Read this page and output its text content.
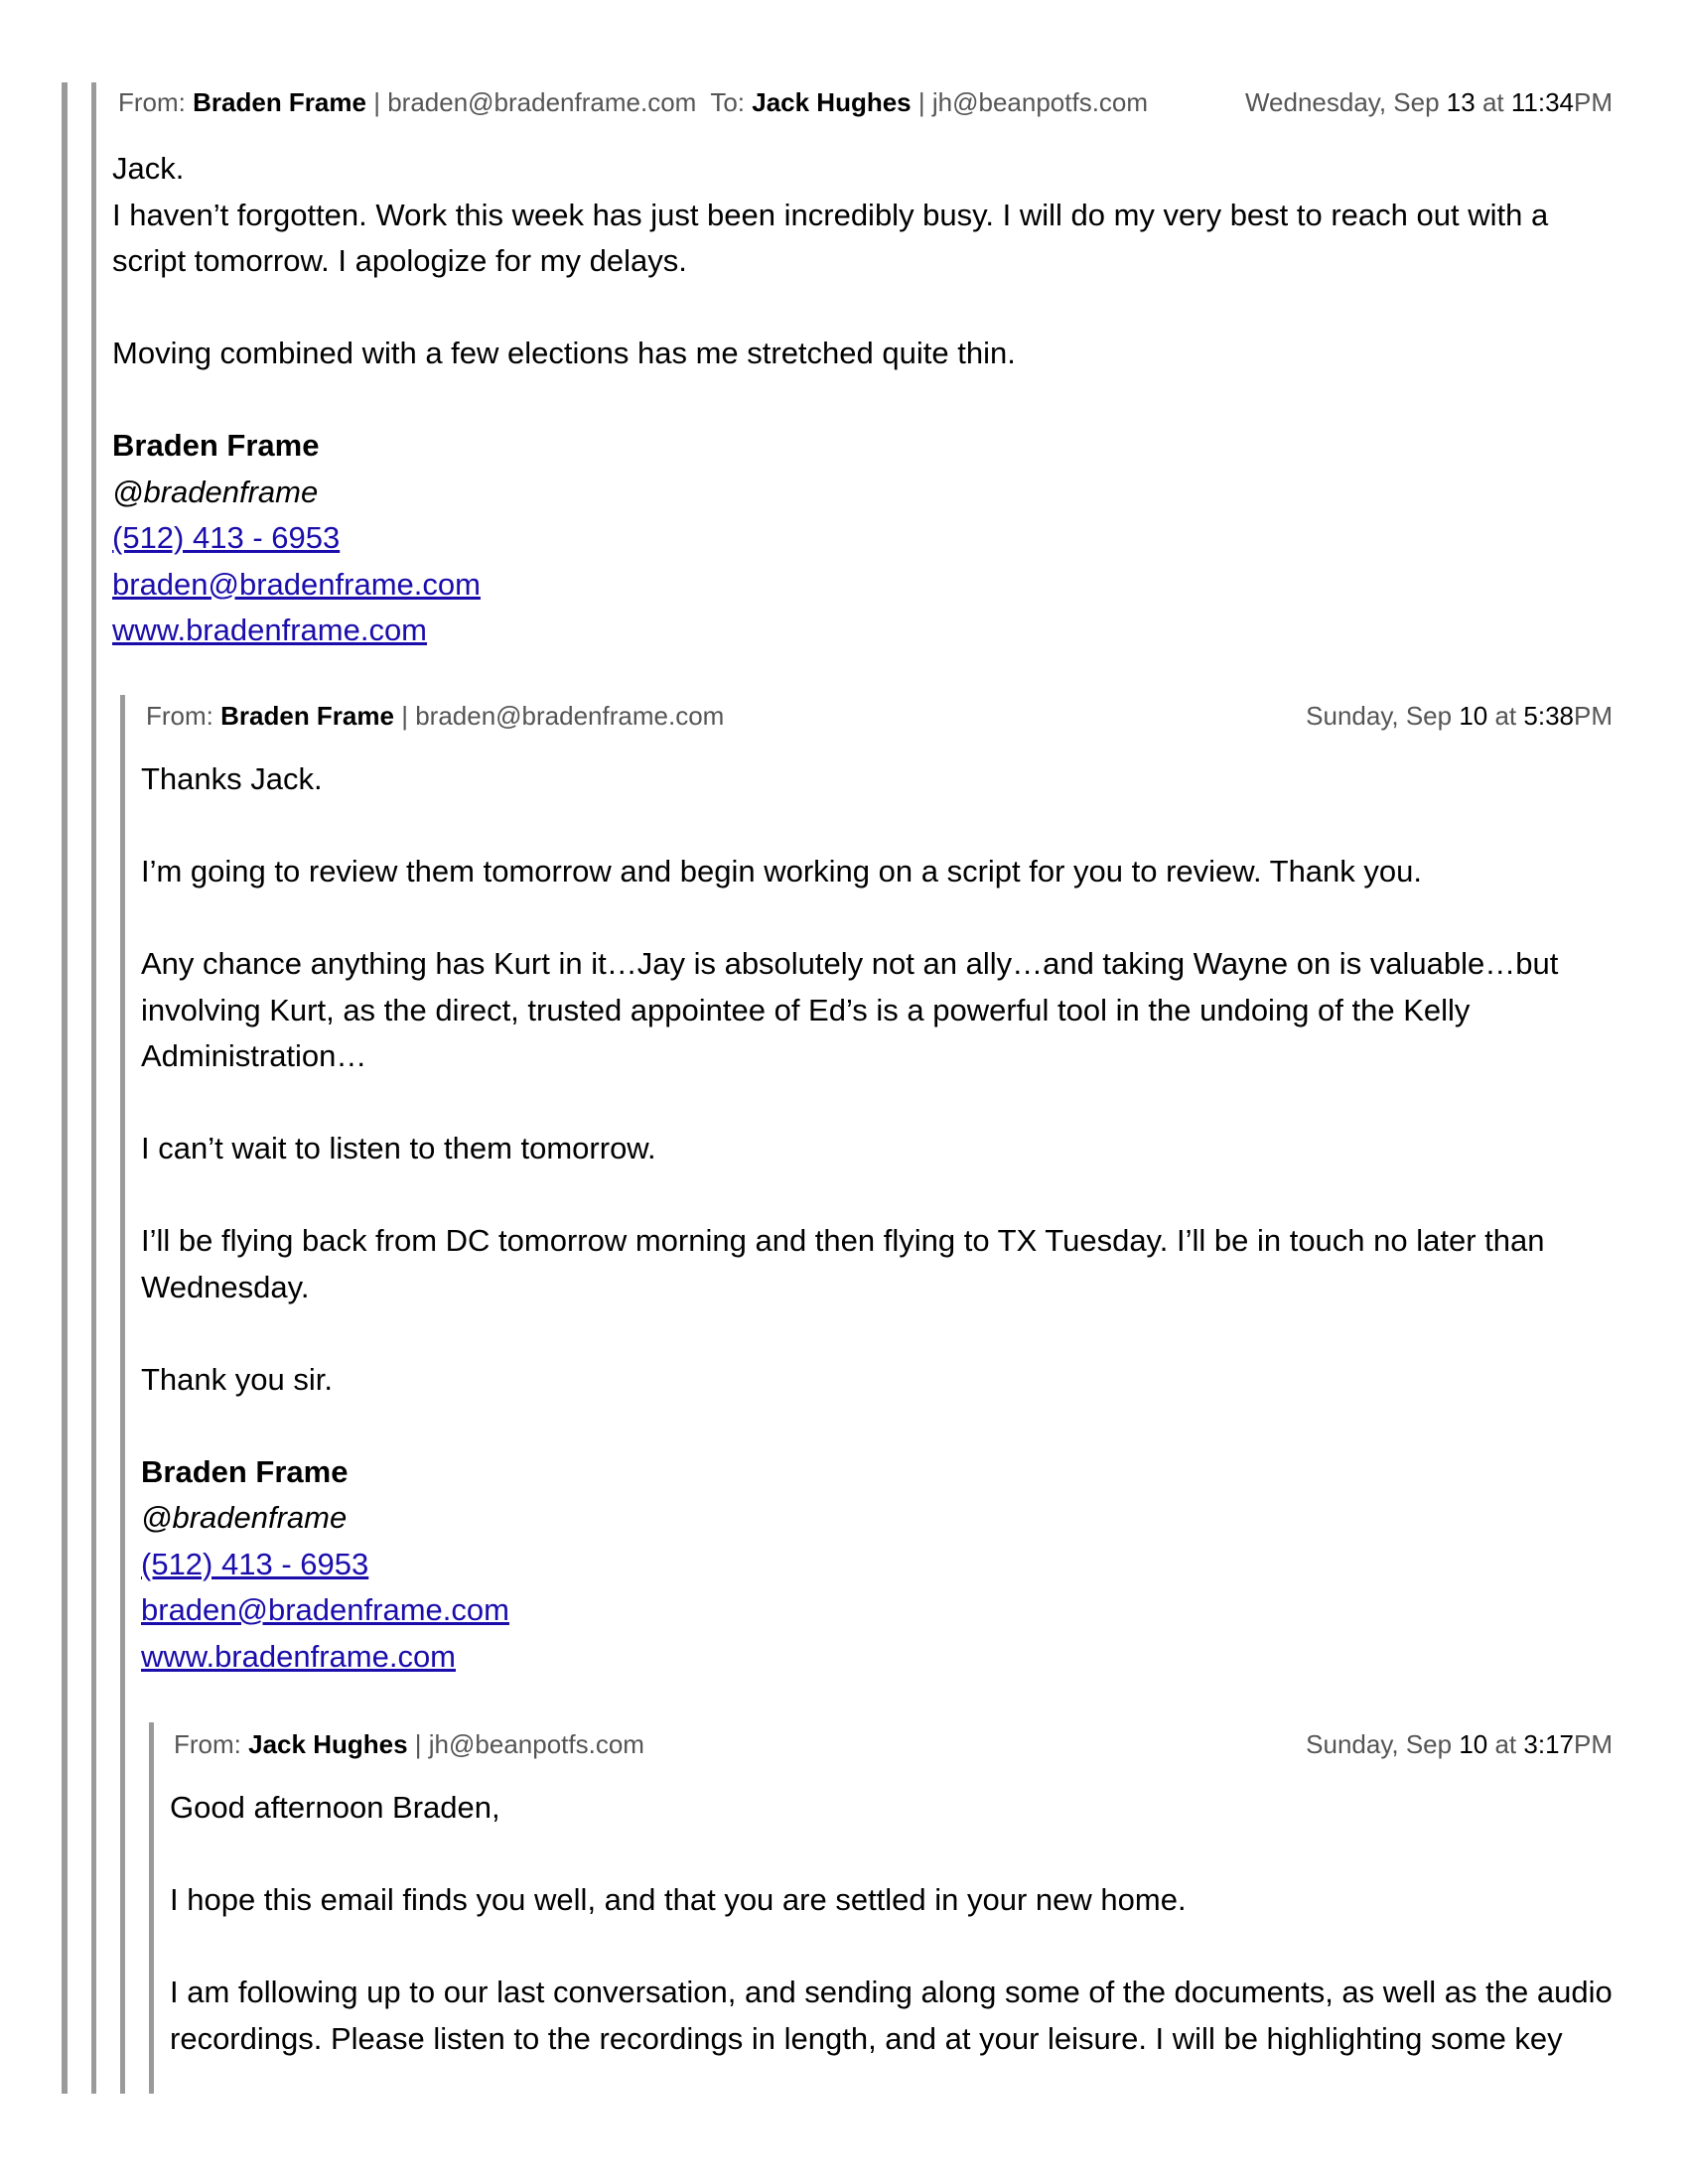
From: Braden Frame | braden@bradenframe.com To: Jack Hughes | jh@beanpotfs.com	Wednesday, Sep 13 at 11:34PM

Jack.

I haven’t forgotten. Work this week has just been incredibly busy. I will do my very best to reach out with a script tomorrow. I apologize for my delays.

Moving combined with a few elections has me stretched quite thin.

Braden Frame

@bradenframe

(512) 413 - 6953

braden@bradenframe.com

www.bradenframe.com

From: Braden Frame | braden@bradenframe.com	Sunday, Sep 10 at 5:38PM

Thanks Jack.

I’m going to review them tomorrow and begin working on a script for you to review. Thank you.

Any chance anything has Kurt in it…Jay is absolutely not an ally…and taking Wayne on is valuable…but involving Kurt, as the direct, trusted appointee of Ed’s is a powerful tool in the undoing of the Kelly Administration…

I can’t wait to listen to them tomorrow.

I’ll be flying back from DC tomorrow morning and then flying to TX Tuesday. I’ll be in touch no later than Wednesday.

Thank you sir.

Braden Frame

@bradenframe

(512) 413 - 6953

braden@bradenframe.com

www.bradenframe.com

From: Jack Hughes | jh@beanpotfs.com	Sunday, Sep 10 at 3:17PM

Good afternoon Braden,

I hope this email finds you well, and that you are settled in your new home.

I am following up to our last conversation, and sending along some of the documents, as well as the audio recordings. Please listen to the recordings in length, and at your leisure. I will be highlighting some key
